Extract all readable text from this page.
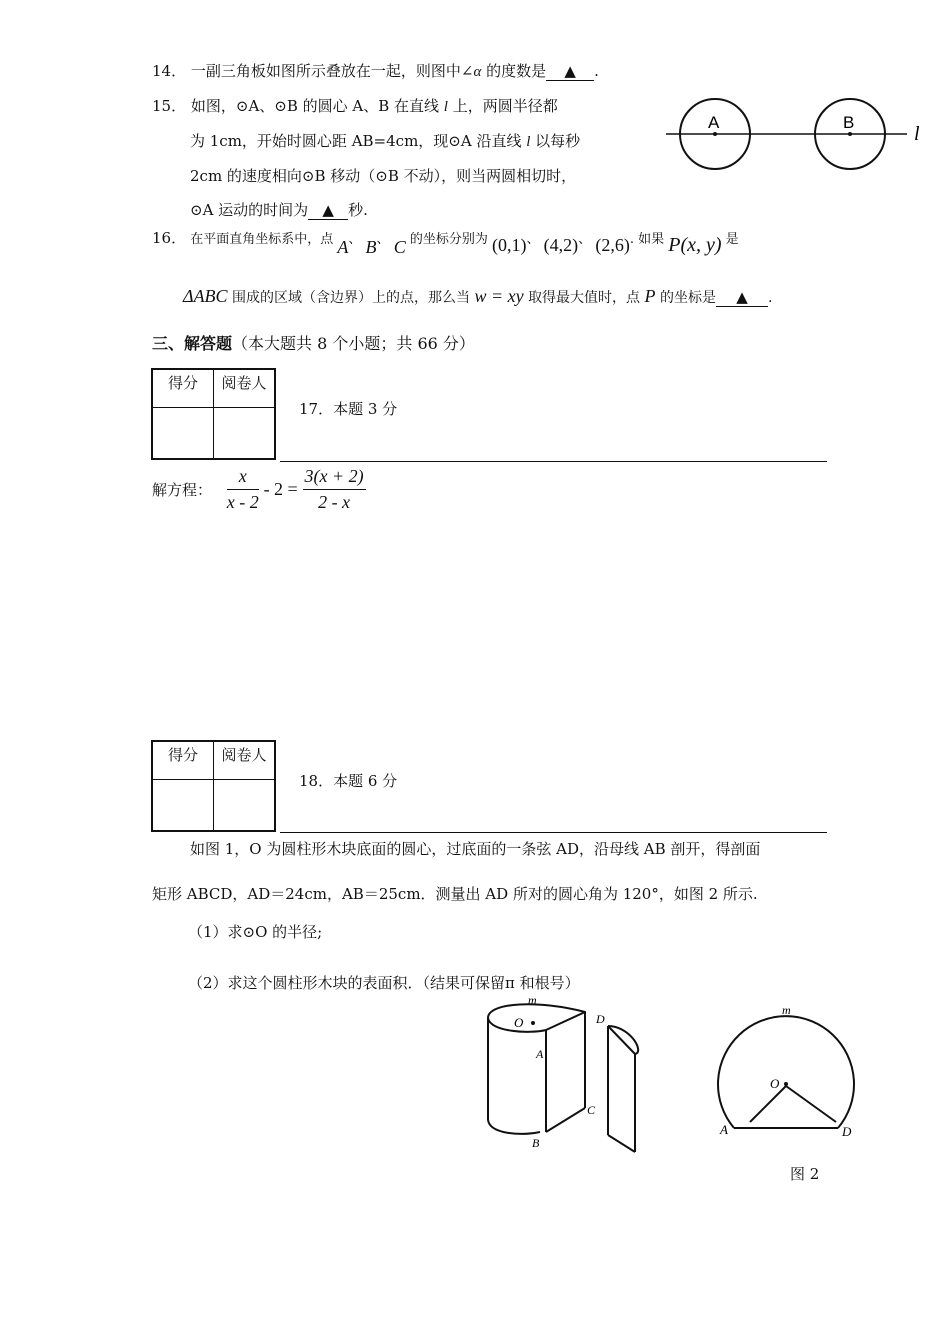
14． 一副三角板如图所示叠放在一起，则图中∠α 的度数是 ▲ .
15． 如图，⊙A、⊙B 的圆心 A、B 在直线 l 上，两圆半径都
为 1cm，开始时圆心距 AB=4cm，现⊙A 沿直线 l 以每秒
2cm 的速度相向⊙B 移动（⊙B 不动），则当两圆相切时，
⊙A 运动的时间为 ▲ 秒.
A	B
l
16． 在平面直角坐标系中，点 A、 B、 C 的坐标分别为 (0,1)、 (4,2)、 (2,6). 如果 P(x, y) 是
ΔABC 围成的区域（含边界）上的点，那么当 w = xy 取得最大值时，点 P 的坐标是 ▲ .
三、解答题（本大题共 8 个小题；共 66 分）
得分	阅卷人

17．本题 3 分
解方程： $\frac{x}{x - 2} - 2 = \frac{3(x + 2)}{2 - x}$
得分	阅卷人

18．本题 6 分
如图 1，O 为圆柱形木块底面的圆心，过底面的一条弦 AD，沿母线 AB 剖开，得剖面
矩形 ABCD，AD＝24cm，AB＝25cm．测量出 AD 所对的圆心角为 120°，如图 2 所示.
（1）求⊙O 的半径;
（2）求这个圆柱形木块的表面积．（结果可保留π 和根号）
m
O
A
B
C
D
m
O
A	D
图 2
